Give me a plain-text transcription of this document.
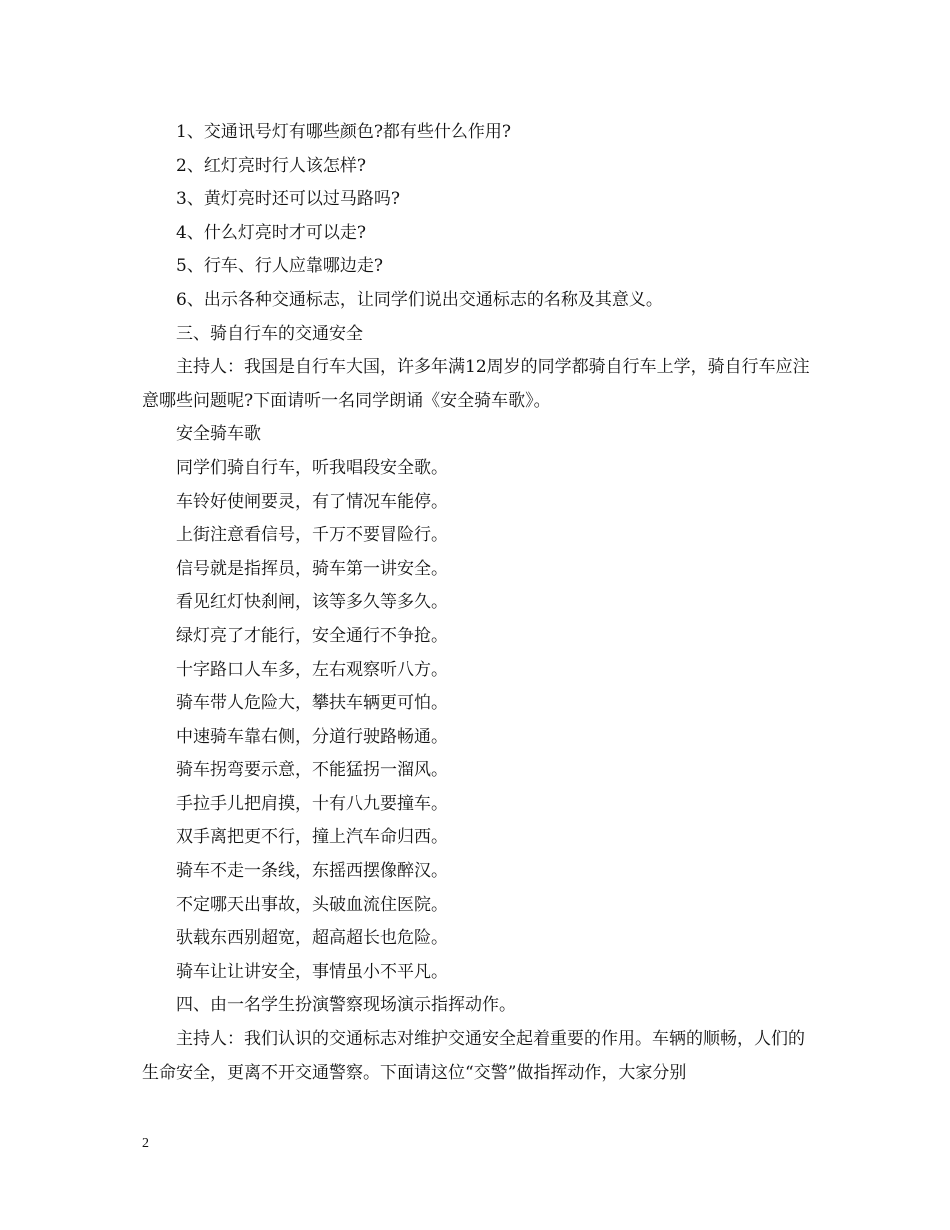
1、交通讯号灯有哪些颜色?都有些什么作用?

2、红灯亮时行人该怎样?

3、黄灯亮时还可以过马路吗?

4、什么灯亮时才可以走?

5、行车、行人应靠哪边走?

6、出示各种交通标志，让同学们说出交通标志的名称及其意义。

三、骑自行车的交通安全

主持人：我国是自行车大国，许多年满12周岁的同学都骑自行车上学，骑自行车应注意哪些问题呢?下面请听一名同学朗诵《安全骑车歌》。

安全骑车歌

同学们骑自行车，听我唱段安全歌。

车铃好使闸要灵，有了情况车能停。

上街注意看信号，千万不要冒险行。

信号就是指挥员，骑车第一讲安全。

看见红灯快刹闸，该等多久等多久。

绿灯亮了才能行，安全通行不争抢。

十字路口人车多，左右观察听八方。

骑车带人危险大，攀扶车辆更可怕。

中速骑车靠右侧，分道行驶路畅通。

骑车拐弯要示意，不能猛拐一溜风。

手拉手儿把肩摸，十有八九要撞车。

双手离把更不行，撞上汽车命归西。

骑车不走一条线，东摇西摆像醉汉。

不定哪天出事故，头破血流住医院。

驮载东西别超宽，超高超长也危险。

骑车让让讲安全，事情虽小不平凡。

四、由一名学生扮演警察现场演示指挥动作。

主持人：我们认识的交通标志对维护交通安全起着重要的作用。车辆的顺畅，人们的生命安全，更离不开交通警察。下面请这位“交警”做指挥动作，大家分别

2
